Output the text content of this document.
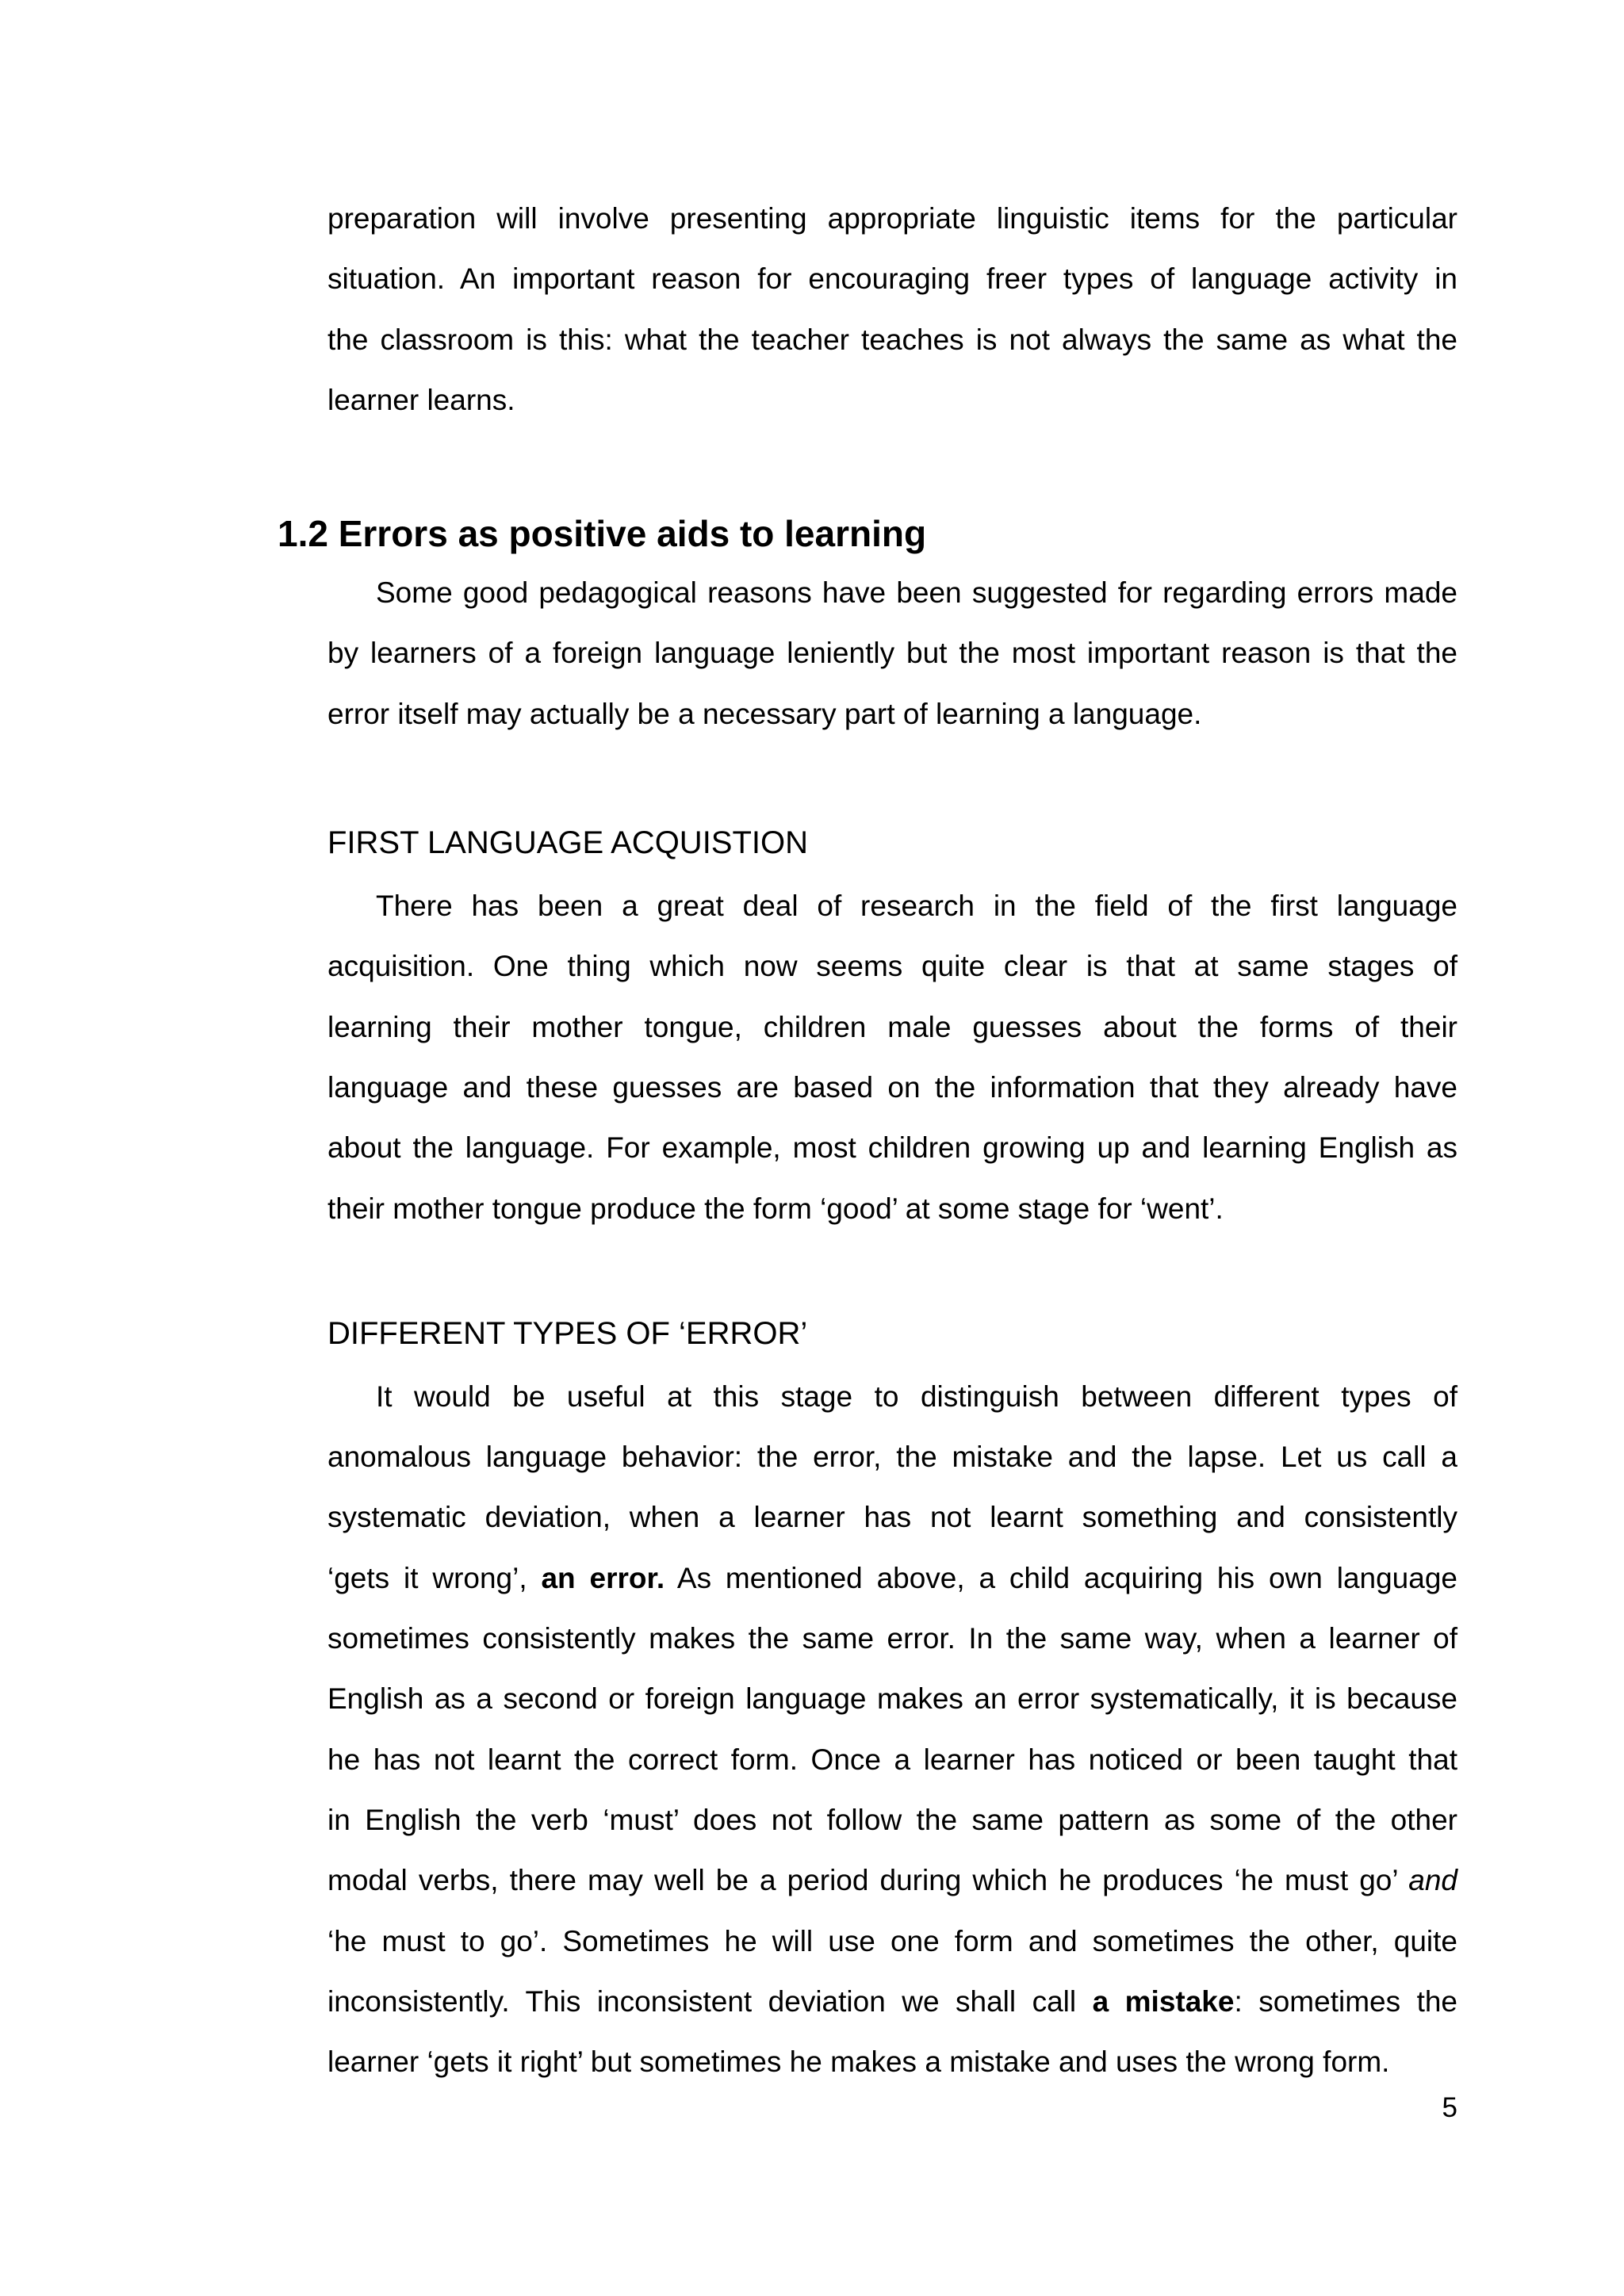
preparation will involve presenting appropriate linguistic items for the particular
situation. An important reason for encouraging freer types of language activity in
the classroom is this: what the teacher teaches is not always the same as what the
learner learns.
1.2 Errors as positive aids to learning
Some good pedagogical reasons have been suggested for regarding errors made
by learners of a foreign language leniently but the most important reason is that the
error itself may actually be a necessary part of learning a language.
FIRST LANGUAGE ACQUISTION
There has been a great deal of research in the field of the first language
acquisition. One thing which now seems quite clear is that at same stages of
learning their mother tongue, children male guesses about the forms of their
language and these guesses are based on the information that they already have
about the language. For example, most children growing up and learning English as
their mother tongue produce the form ‘good’ at some stage for ‘went’.
DIFFERENT TYPES OF ‘ERROR’
It would be useful at this stage to distinguish between different types of
anomalous language behavior: the error, the mistake and the lapse. Let us call a
systematic deviation, when a learner has not learnt something and consistently
‘gets it wrong’, an error. As mentioned above, a child acquiring his own language
sometimes consistently makes the same error. In the same way, when a learner of
English as a second or foreign language makes an error systematically, it is because
he has not learnt the correct form. Once a learner has noticed or been taught that
in English the verb ‘must’ does not follow the same pattern as some of the other
modal verbs, there may well be a period during which he produces ‘he must go’ and
‘he must to go’. Sometimes he will use one form and sometimes the other, quite
inconsistently. This inconsistent deviation we shall call a mistake: sometimes the
learner ‘gets it right’ but sometimes he makes a mistake and uses the wrong form.
5
